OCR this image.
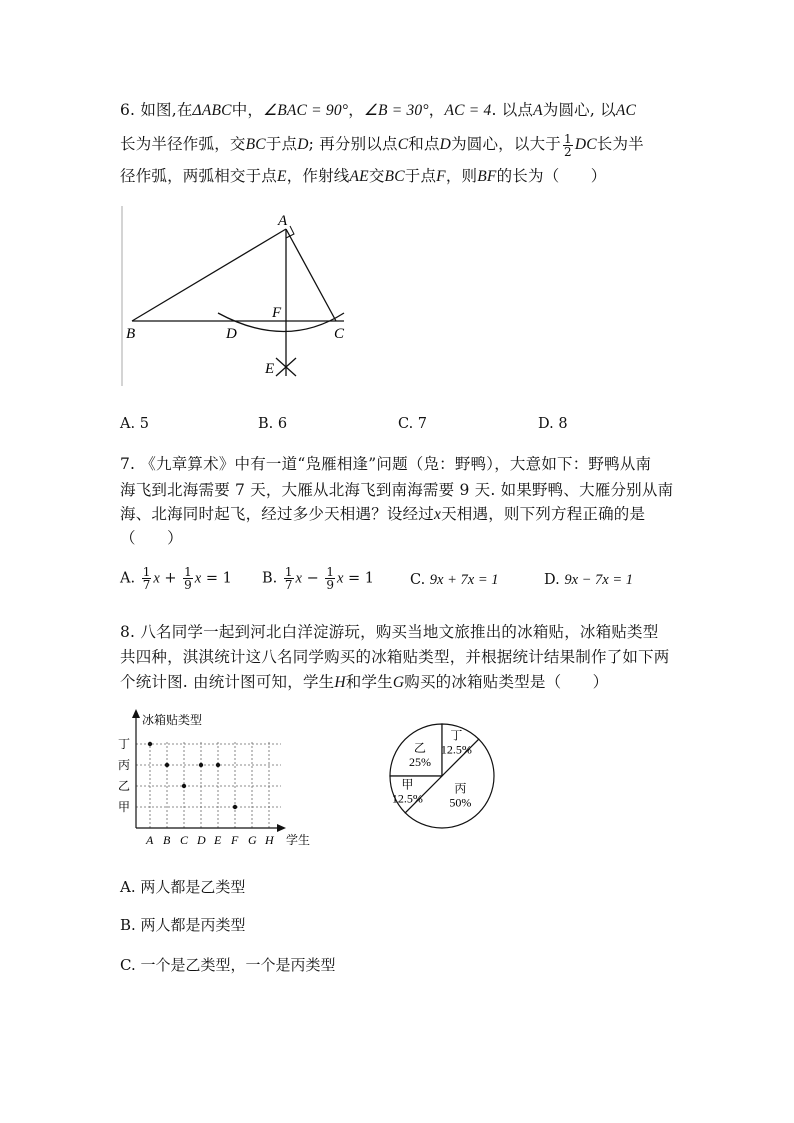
6. 如图,在ΔABC中，∠BAC = 90°，∠B = 30°，AC = 4. 以点A为圆心, 以AC
长为半径作弧，交BC于点D; 再分别以点C和点D为圆心，以大于 $\frac{1}{2}$ DC长为半
径作弧，两弧相交于点E，作射线AE交BC于点F，则BF的长为（　　）
A
B	C
D
E
F
A. 5	B. 6	C. 7	D. 8
7. 《九章算术》中有一道“凫雁相逢”问题（凫：野鸭），大意如下：野鸭从南
海飞到北海需要 7 天，大雁从北海飞到南海需要 9 天. 如果野鸭、大雁分别从南
海、北海同时起飞，经过多少天相遇？设经过x天相遇，则下列方程正确的是
（　　）
A. $\frac{1}{7}$ $x + \frac{1}{9}$ x = 1 B. $\frac{1}{7}$ $x - \frac{1}{9}$ x = 1 C. 9x + 7x = 1	D. 9x − 7x = 1
8. 八名同学一起到河北白洋淀游玩，购买当地文旅推出的冰箱贴，冰箱贴类型
共四种，淇淇统计这八名同学购买的冰箱贴类型，并根据统计结果制作了如下两
个统计图. 由统计图可知，学生H和学生G购买的冰箱贴类型是（　　）
冰箱贴类型
学生
A B C D E F G H
甲
乙
丙
丁	乙
25%
丁
12.5%
丙
50%
甲
12.5%
A. 两人都是乙类型
B. 两人都是丙类型
C. 一个是乙类型，一个是丙类型
